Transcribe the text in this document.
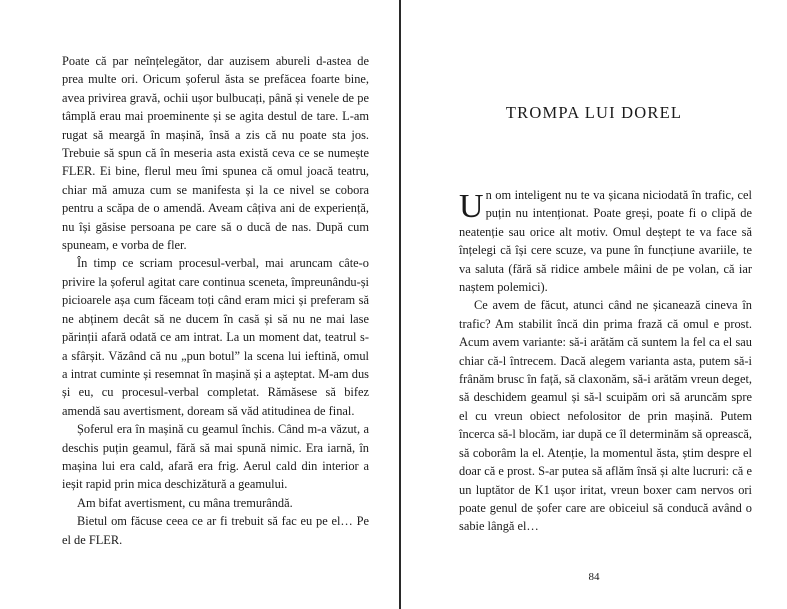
Poate că par neînțelegător, dar auzisem abureli d-astea de prea multe ori. Oricum șoferul ăsta se prefăcea foarte bine, avea privirea gravă, ochii ușor bulbucați, până și venele de pe tâmplă erau mai proeminente și se agita destul de tare. L-am rugat să meargă în mașină, însă a zis că nu poate sta jos. Trebuie să spun că în meseria asta există ceva ce se numește FLER. Ei bine, flerul meu îmi spunea că omul joacă teatru, chiar mă amuza cum se manifesta și la ce nivel se cobora pentru a scăpa de o amendă. Aveam câțiva ani de experiență, nu își găsise persoana pe care să o ducă de nas. După cum spuneam, e vorba de fler.

În timp ce scriam procesul-verbal, mai aruncam câte-o privire la șoferul agitat care continua sceneta, împreunându-și picioarele așa cum făceam toți când eram mici și preferam să ne abținem decât să ne ducem în casă și să nu ne mai lase părinții afară odată ce am intrat. La un moment dat, teatrul s-a sfârșit. Văzând că nu „pun botul” la scena lui ieftină, omul a intrat cuminte și resemnat în mașină și a așteptat. M-am dus și eu, cu procesul-verbal completat. Rămăsese să bifez amendă sau avertisment, doream să văd atitudinea de final.

Șoferul era în mașină cu geamul închis. Când m-a văzut, a deschis puțin geamul, fără să mai spună nimic. Era iarnă, în mașina lui era cald, afară era frig. Aerul cald din interior a ieșit rapid prin mica deschizătură a geamului.

Am bifat avertisment, cu mâna tremurândă.

Bietul om făcuse ceea ce ar fi trebuit să fac eu pe el… Pe el de FLER.

TROMPA LUI DOREL

Un om inteligent nu te va șicana niciodată în trafic, cel puțin nu intenționat. Poate greși, poate fi o clipă de neatenție sau orice alt motiv. Omul deștept te va face să înțelegi că își cere scuze, va pune în funcțiune avariile, te va saluta (fără să ridice ambele mâini de pe volan, că iar naștem polemici).

Ce avem de făcut, atunci când ne șicanează cineva în trafic? Am stabilit încă din prima frază că omul e prost. Acum avem variante: să-i arătăm că suntem la fel ca el sau chiar că-l întrecem. Dacă alegem varianta asta, putem să-i frânăm brusc în față, să claxonăm, să-i arătăm vreun deget, să deschidem geamul și să-l scuipăm ori să aruncăm spre el cu vreun obiect nefolositor de prin mașină. Putem încerca să-l blocăm, iar după ce îl determinăm să oprească, să coborâm la el. Atenție, la momentul ăsta, știm despre el doar că e prost. S-ar putea să aflăm însă și alte lucruri: că e un luptător de K1 ușor iritat, vreun boxer cam nervos ori poate genul de șofer care are obiceiul să conducă având o sabie lângă el…

84
